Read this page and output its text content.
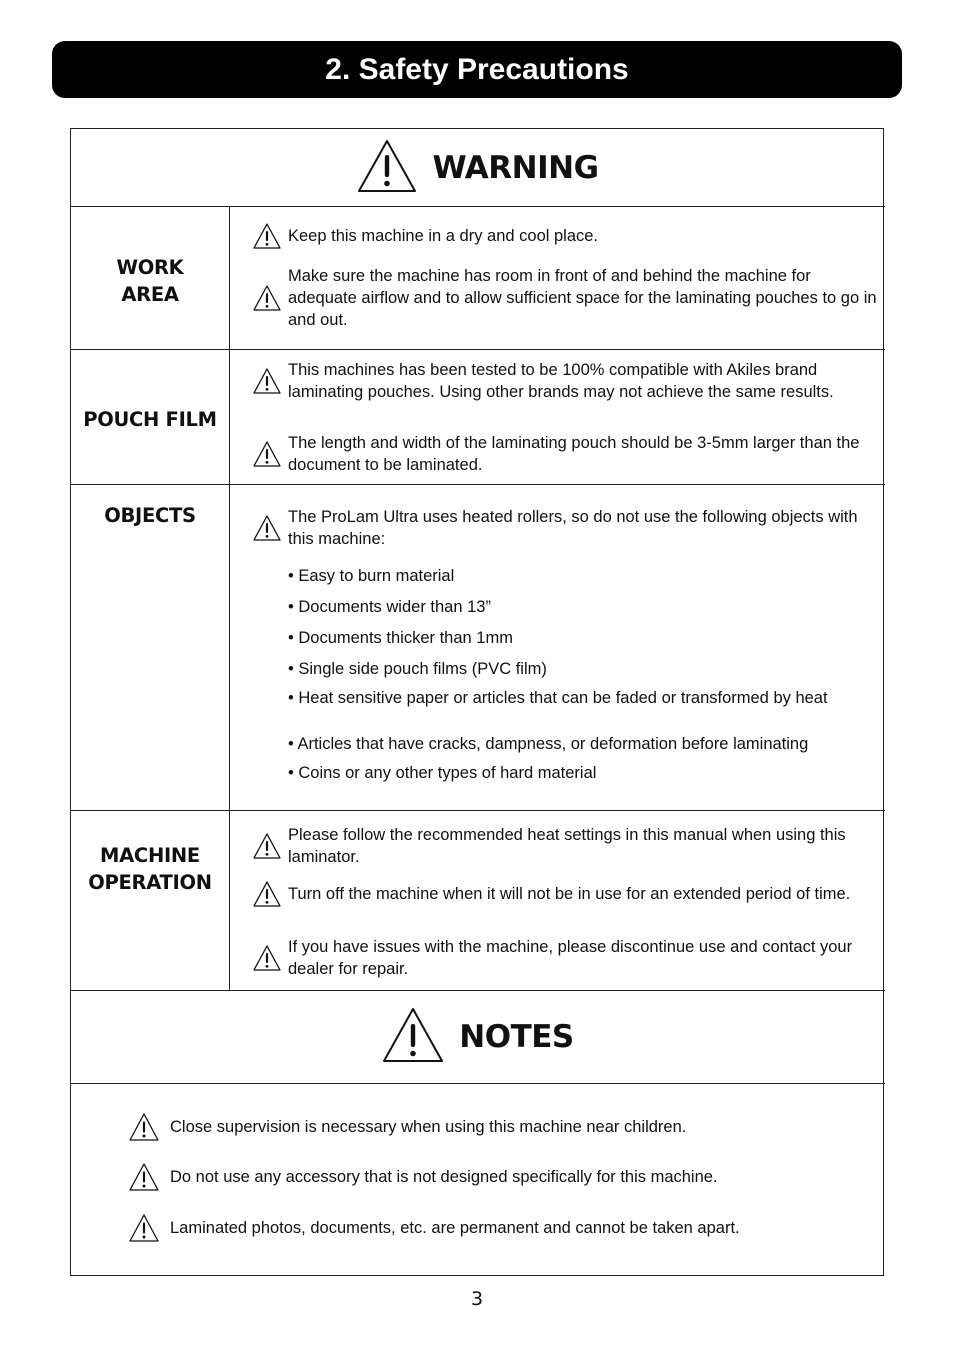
2. Safety Precautions
WARNING
WORK
AREA
Keep this machine in a dry and cool place.
Make sure the machine has room in front of and behind the machine for adequate airflow and to allow sufficient space for the laminating pouches to go in and out.
POUCH FILM
This machines has been tested to be 100% compatible with Akiles brand laminating pouches. Using other brands may not achieve the same results.
The length and width of the laminating pouch should be 3-5mm larger than the document to be laminated.
OBJECTS	The ProLam Ultra uses heated rollers, so do not use the following objects with this machine:
• Easy to burn material
• Documents wider than 13”
• Documents thicker than 1mm
• Single side pouch films (PVC film)
• Heat sensitive paper or articles that can be faded or transformed by heat
• Articles that have cracks, dampness, or deformation before laminating
• Coins or any other types of hard material
MACHINE
OPERATION
Please follow the recommended heat settings in this manual when using this laminator.
Turn off the machine when it will not be in use for an extended period of time.
If you have issues with the machine, please discontinue use and contact your dealer for repair.
NOTES
Close supervision is necessary when using this machine near children.
Do not use any accessory that is not designed specifically for this machine.
Laminated photos, documents, etc. are permanent and cannot be taken apart.
3
